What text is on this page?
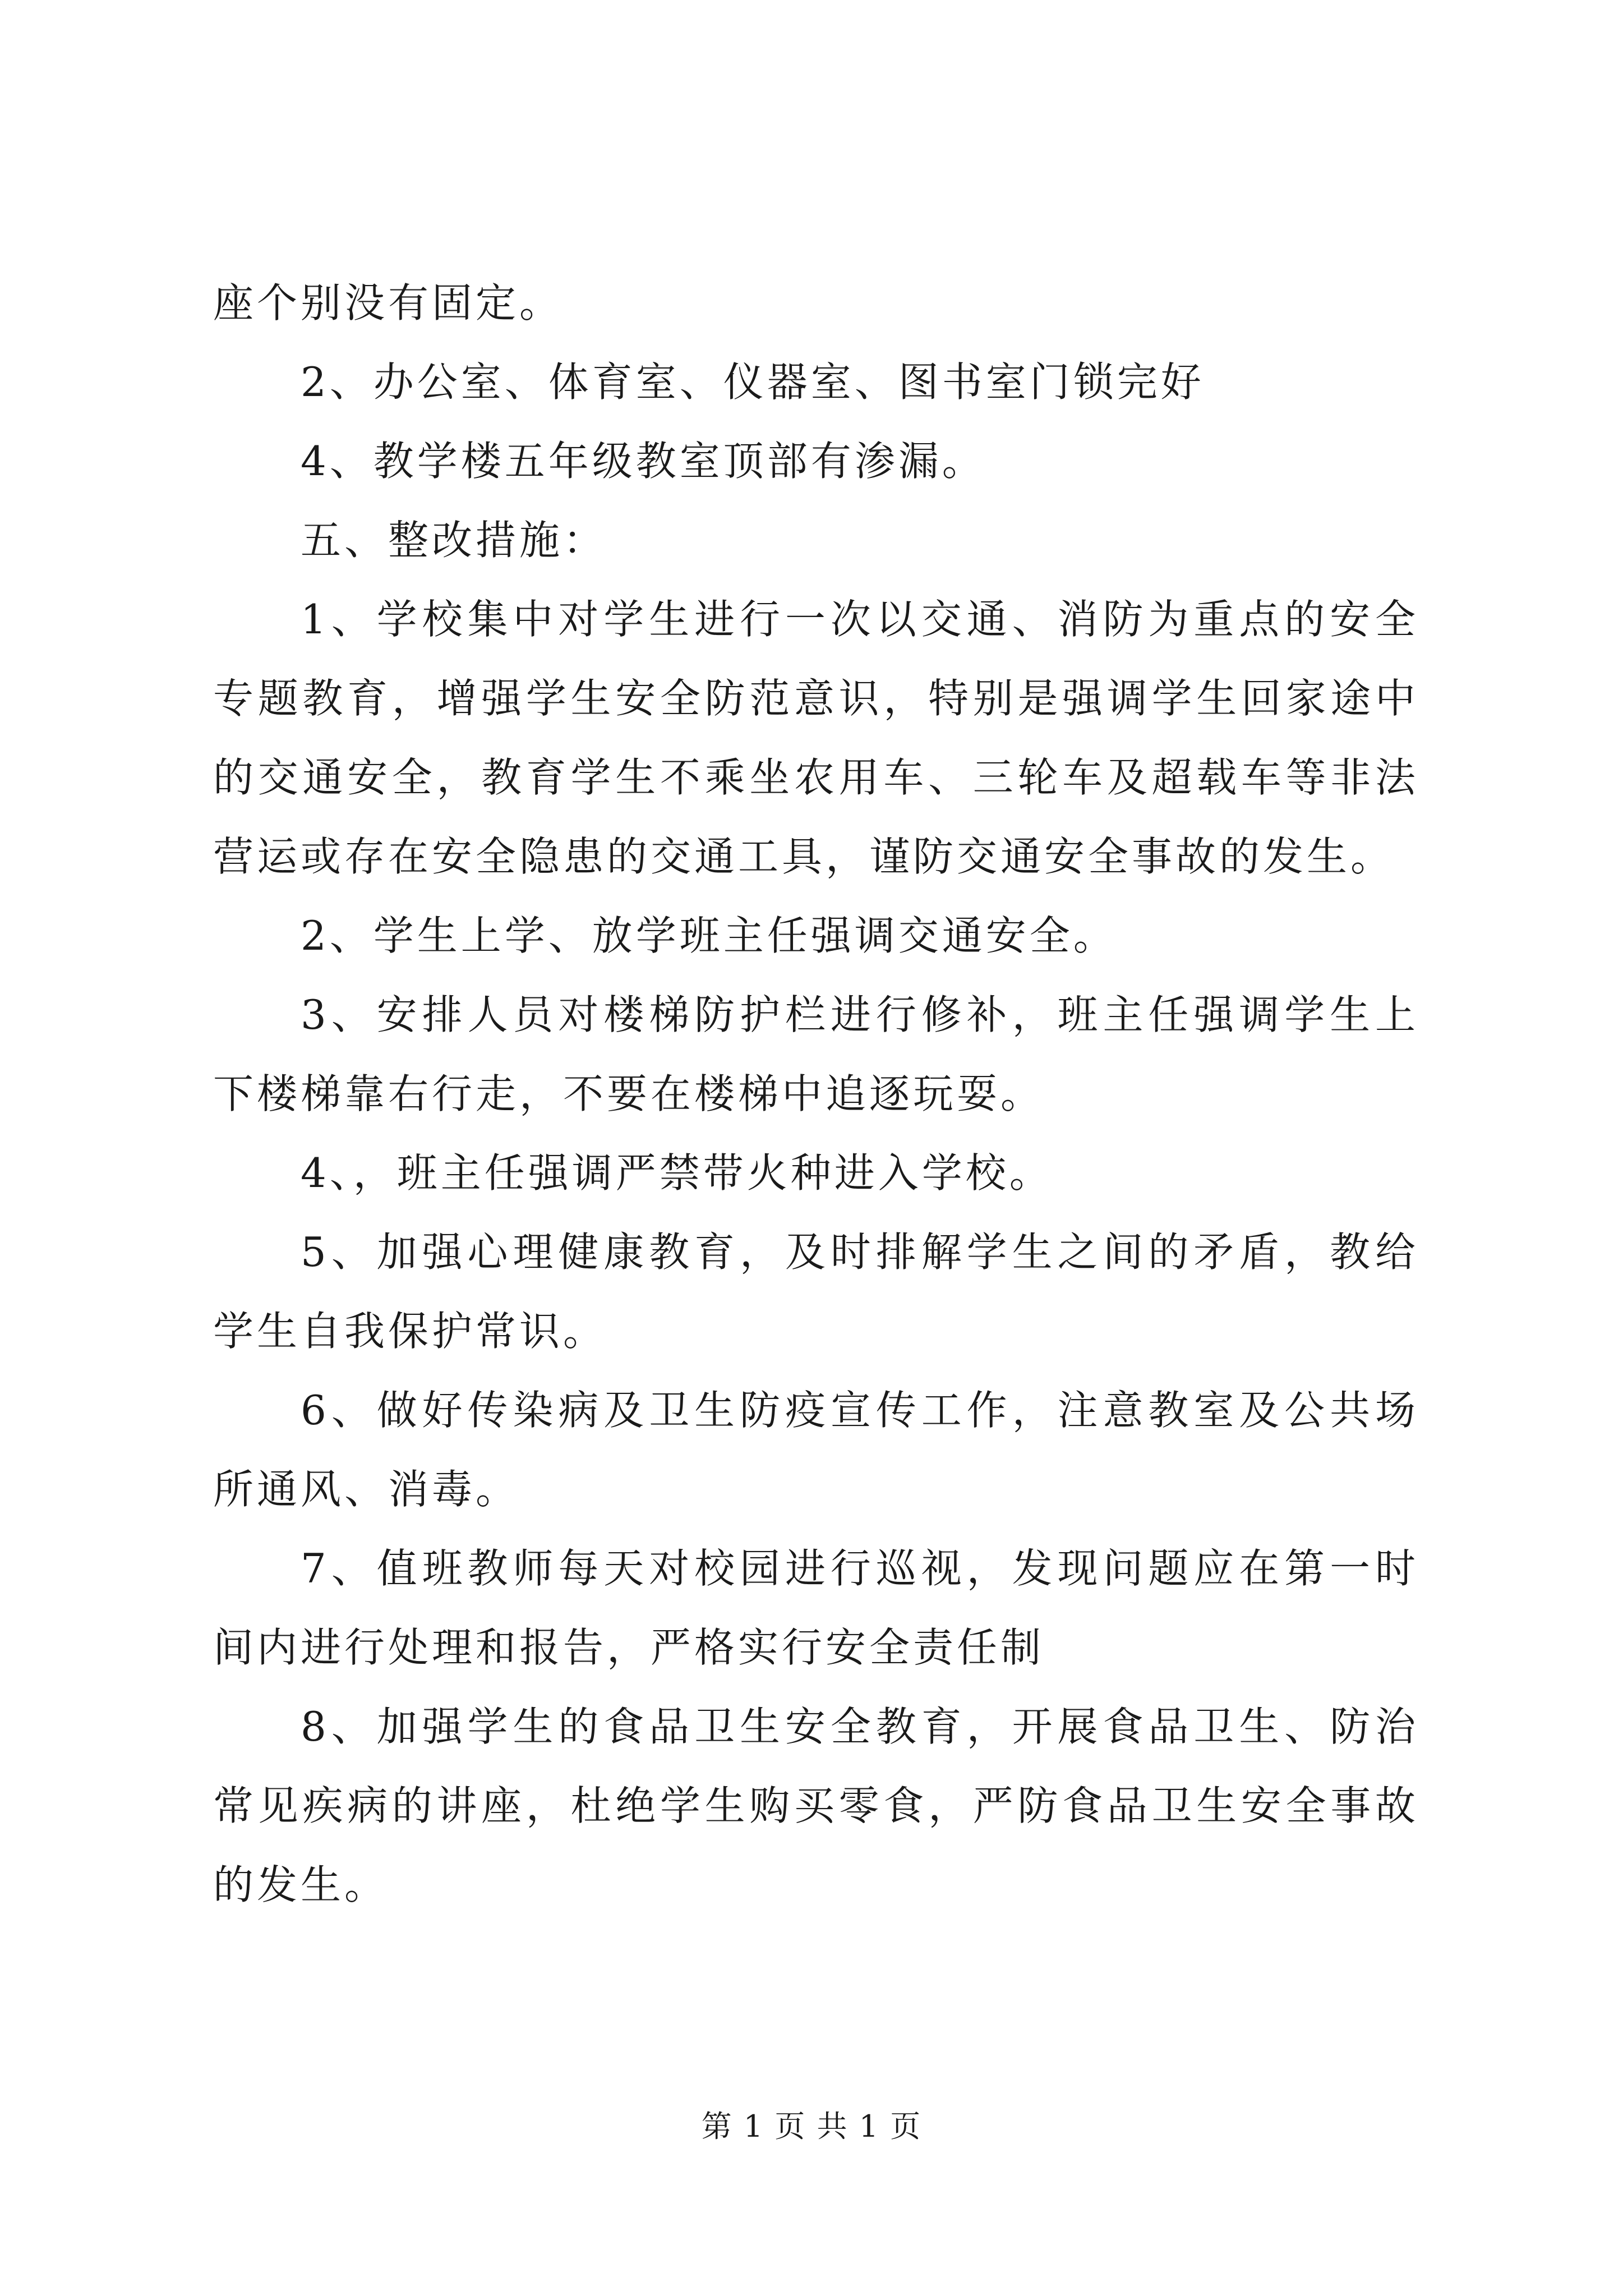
座个别没有固定。

2、办公室、体育室、仪器室、图书室门锁完好

4、教学楼五年级教室顶部有渗漏。

五、整改措施：

1、学校集中对学生进行一次以交通、消防为重点的安全专题教育，增强学生安全防范意识，特别是强调学生回家途中的交通安全，教育学生不乘坐农用车、三轮车及超载车等非法营运或存在安全隐患的交通工具，谨防交通安全事故的发生。

2、学生上学、放学班主任强调交通安全。

3、安排人员对楼梯防护栏进行修补，班主任强调学生上下楼梯靠右行走，不要在楼梯中追逐玩耍。

4、，班主任强调严禁带火种进入学校。

5、加强心理健康教育，及时排解学生之间的矛盾，教给学生自我保护常识。

6、做好传染病及卫生防疫宣传工作，注意教室及公共场所通风、消毒。

7、值班教师每天对校园进行巡视，发现问题应在第一时间内进行处理和报告，严格实行安全责任制

8、加强学生的食品卫生安全教育，开展食品卫生、防治常见疾病的讲座，杜绝学生购买零食，严防食品卫生安全事故的发生。

第 1 页 共 1 页
